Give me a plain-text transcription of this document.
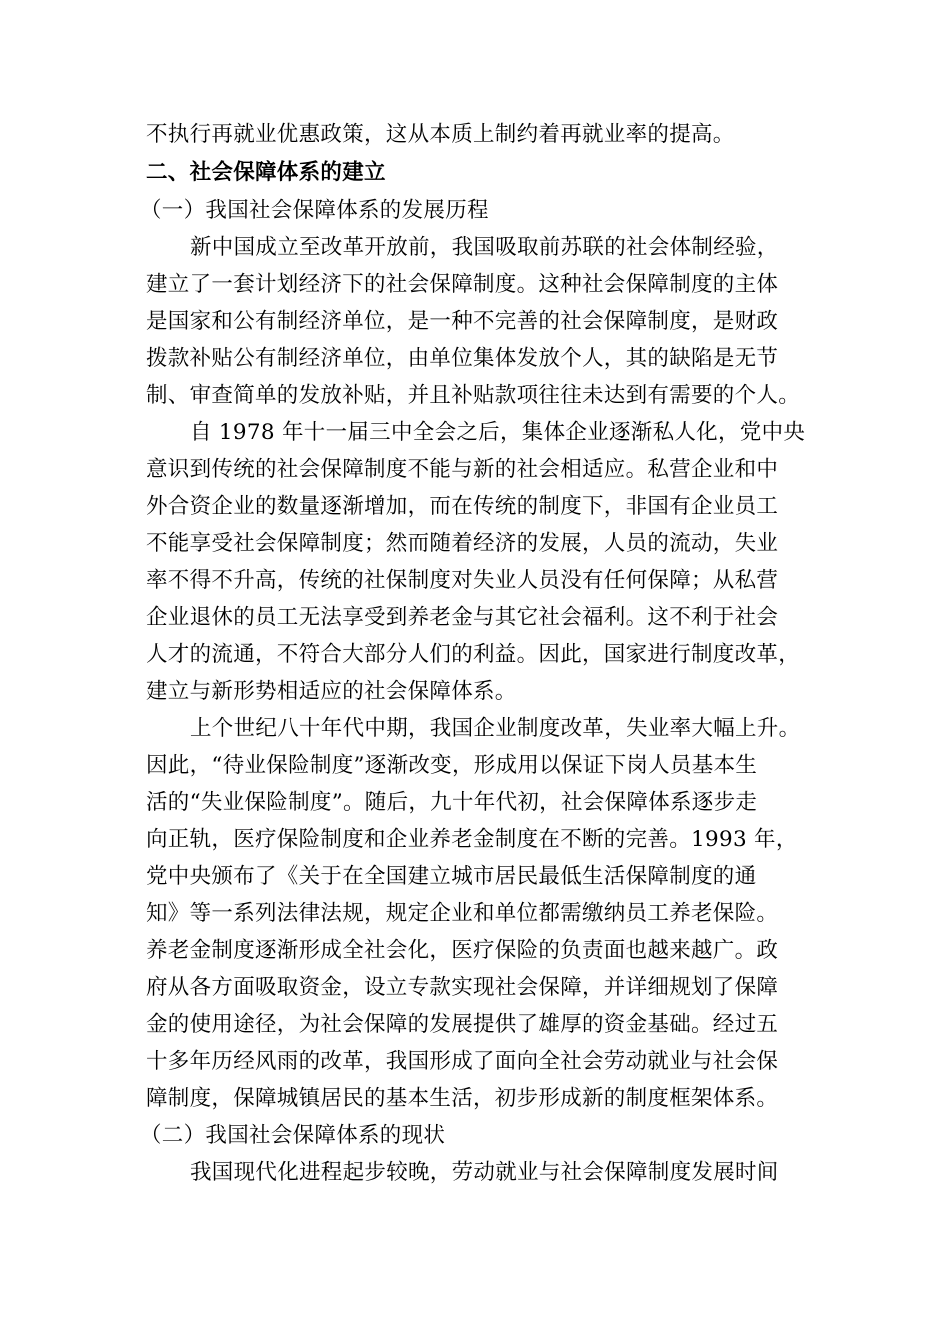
不执行再就业优惠政策，这从本质上制约着再就业率的提高。
二、社会保障体系的建立
（一）我国社会保障体系的发展历程
新中国成立至改革开放前，我国吸取前苏联的社会体制经验，
建立了一套计划经济下的社会保障制度。这种社会保障制度的主体
是国家和公有制经济单位，是一种不完善的社会保障制度，是财政
拨款补贴公有制经济单位，由单位集体发放个人，其的缺陷是无节
制、审查简单的发放补贴，并且补贴款项往往未达到有需要的个人。
自 1978 年十一届三中全会之后，集体企业逐渐私人化，党中央
意识到传统的社会保障制度不能与新的社会相适应。私营企业和中
外合资企业的数量逐渐增加，而在传统的制度下，非国有企业员工
不能享受社会保障制度；然而随着经济的发展，人员的流动，失业
率不得不升高，传统的社保制度对失业人员没有任何保障；从私营
企业退休的员工无法享受到养老金与其它社会福利。这不利于社会
人才的流通，不符合大部分人们的利益。因此，国家进行制度改革，
建立与新形势相适应的社会保障体系。
上个世纪八十年代中期，我国企业制度改革，失业率大幅上升。
因此，“待业保险制度”逐渐改变，形成用以保证下岗人员基本生
活的“失业保险制度”。随后，九十年代初，社会保障体系逐步走
向正轨，医疗保险制度和企业养老金制度在不断的完善。1993 年，
党中央颁布了《关于在全国建立城市居民最低生活保障制度的通
知》等一系列法律法规，规定企业和单位都需缴纳员工养老保险。
养老金制度逐渐形成全社会化，医疗保险的负责面也越来越广。政
府从各方面吸取资金，设立专款实现社会保障，并详细规划了保障
金的使用途径，为社会保障的发展提供了雄厚的资金基础。经过五
十多年历经风雨的改革，我国形成了面向全社会劳动就业与社会保
障制度，保障城镇居民的基本生活，初步形成新的制度框架体系。
（二）我国社会保障体系的现状
我国现代化进程起步较晚，劳动就业与社会保障制度发展时间
